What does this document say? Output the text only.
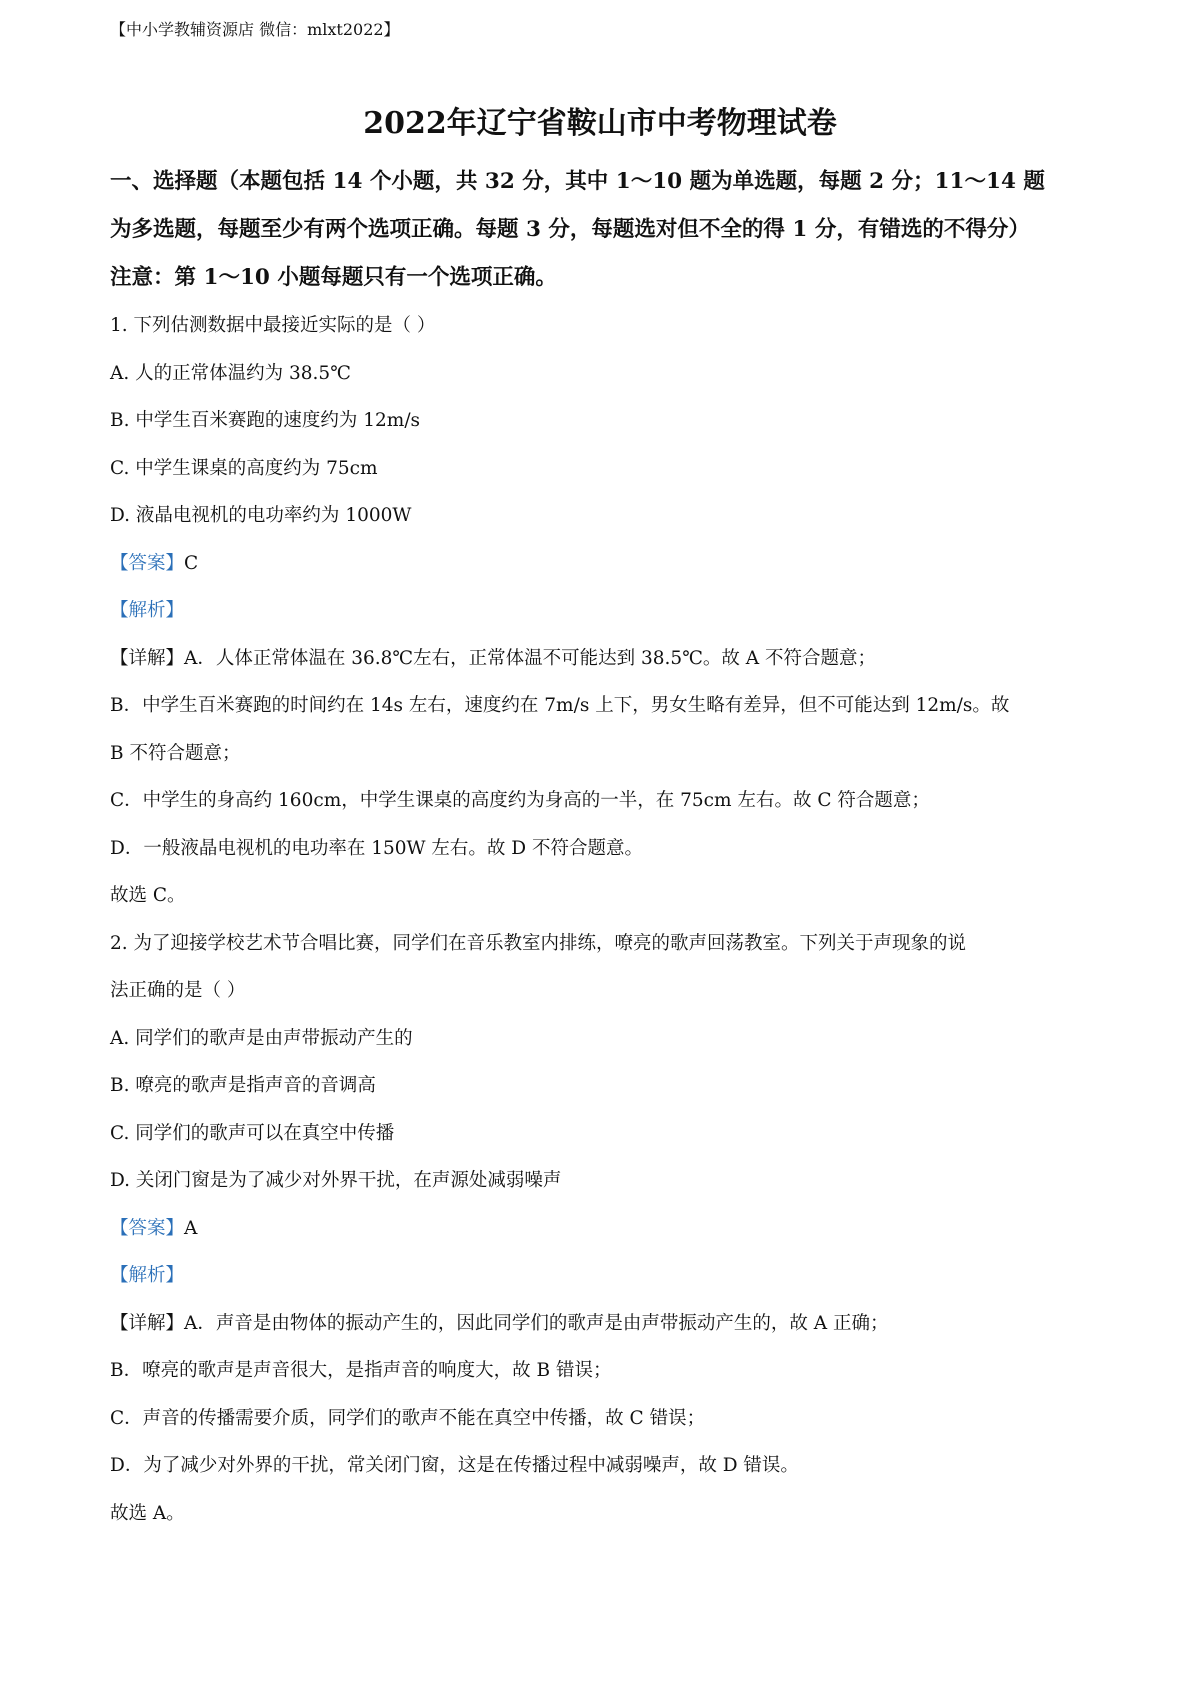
【中小学教辅资源店 微信：mlxt2022】
2022年辽宁省鞍山市中考物理试卷
一、选择题（本题包括 14 个小题，共 32 分，其中 1～10 题为单选题，每题 2 分；11～14 题
为多选题，每题至少有两个选项正确。每题 3 分，每题选对但不全的得 1 分，有错选的不得分）
注意：第 1～10 小题每题只有一个选项正确。
1. 下列估测数据中最接近实际的是（ ）
A. 人的正常体温约为 38.5℃
B. 中学生百米赛跑的速度约为 12m/s
C. 中学生课桌的高度约为 75cm
D. 液晶电视机的电功率约为 1000W
【答案】C
【解析】
【详解】A．人体正常体温在 36.8℃左右，正常体温不可能达到 38.5℃。故 A 不符合题意；
B．中学生百米赛跑的时间约在 14s 左右，速度约在 7m/s 上下，男女生略有差异，但不可能达到 12m/s。故
B 不符合题意；
C．中学生的身高约 160cm，中学生课桌的高度约为身高的一半，在 75cm 左右。故 C 符合题意；
D．一般液晶电视机的电功率在 150W 左右。故 D 不符合题意。
故选 C。
2. 为了迎接学校艺术节合唱比赛，同学们在音乐教室内排练，嘹亮的歌声回荡教室。下列关于声现象的说
法正确的是（ ）
A. 同学们的歌声是由声带振动产生的
B. 嘹亮的歌声是指声音的音调高
C. 同学们的歌声可以在真空中传播
D. 关闭门窗是为了减少对外界干扰，在声源处减弱噪声
【答案】A
【解析】
【详解】A．声音是由物体的振动产生的，因此同学们的歌声是由声带振动产生的，故 A 正确；
B．嘹亮的歌声是声音很大，是指声音的响度大，故 B 错误；
C．声音的传播需要介质，同学们的歌声不能在真空中传播，故 C 错误；
D．为了减少对外界的干扰，常关闭门窗，这是在传播过程中减弱噪声，故 D 错误。
故选 A。
